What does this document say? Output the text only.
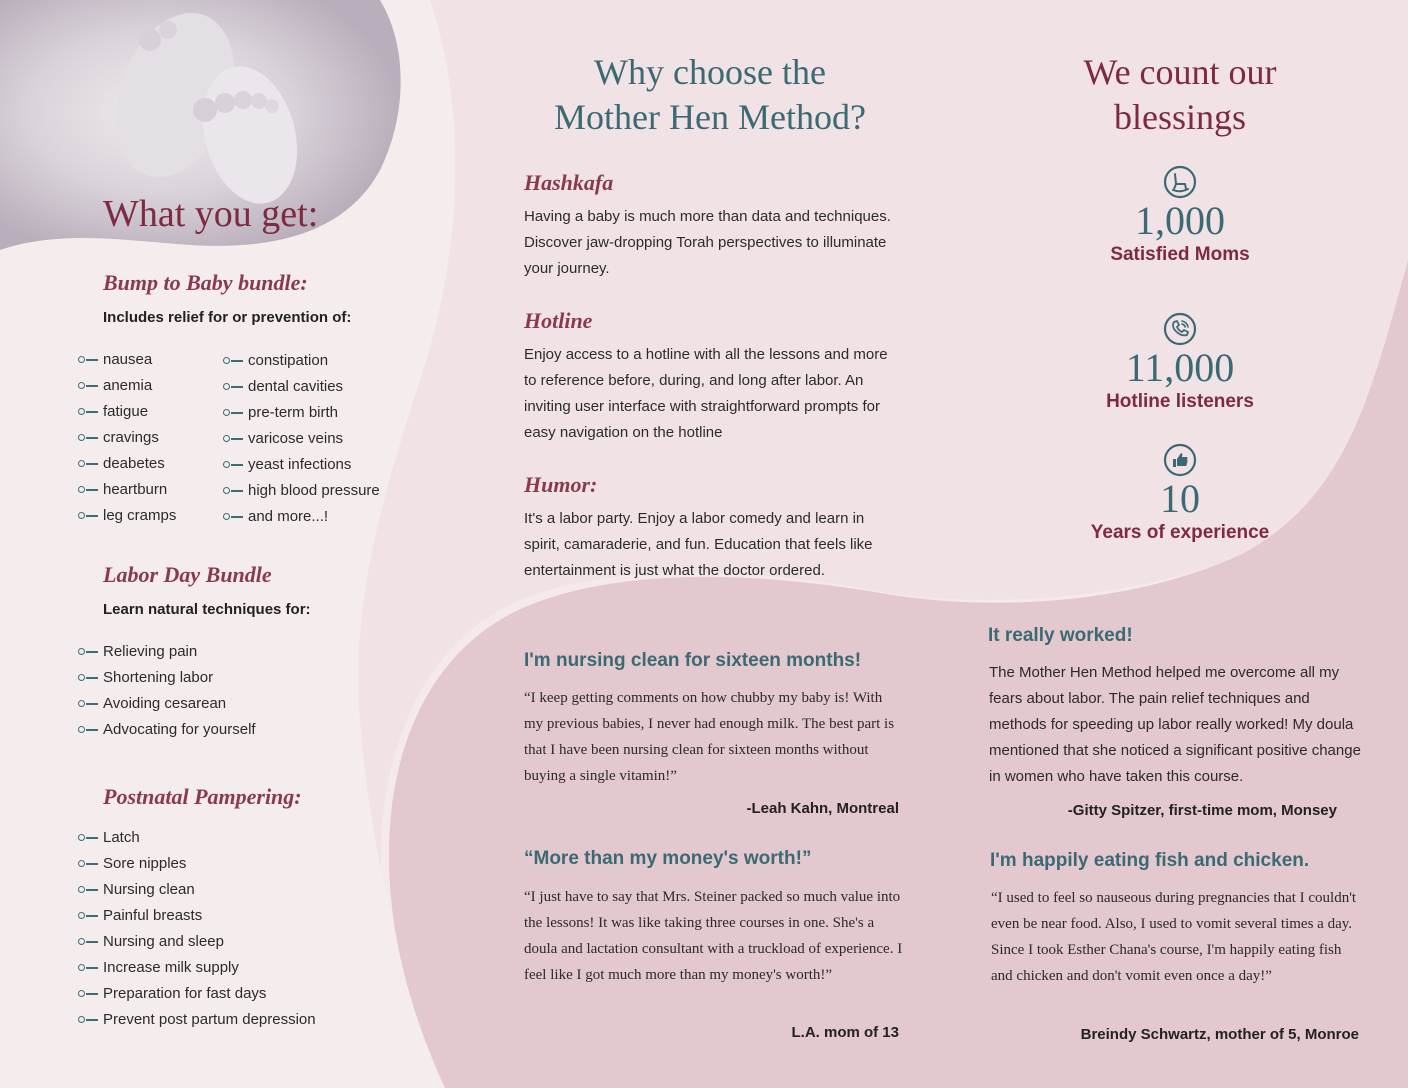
What you get:
Bump to Baby bundle:

Includes relief for or prevention of:

nausea
anemia
fatigue
cravings
deabetes
heartburn
leg cramps
constipation
dental cavities
pre-term birth
varicose veins
yeast infections
high blood pressure
and more...!
Labor Day Bundle

Learn natural techniques for:

Relieving pain
Shortening labor
Avoiding cesarean
Advocating for yourself
Postnatal Pampering:
Latch
Sore nipples
Nursing clean
Painful breasts
Nursing and sleep
Increase milk supply
Preparation for fast days
Prevent post partum depression
Why choose the
Mother Hen Method?
Hashkafa

Having a baby is much more than data and techniques. Discover jaw-dropping Torah perspectives to illuminate your journey.

Hotline

Enjoy access to a hotline with all the lessons and more to reference before, during, and long after labor. An inviting user interface with straightforward prompts for easy navigation on the hotline

Humor:

It's a labor party. Enjoy a labor comedy and learn in spirit, camaraderie, and fun. Education that feels like entertainment is just what the doctor ordered.

We count our
blessings
1,000
Satisfied Moms
11,000
Hotline listeners
10
Years of experience
I'm nursing clean for sixteen months!

“I keep getting comments on how chubby my baby is! With my previous babies, I never had enough milk. The best part is that I have been nursing clean for sixteen months without buying a single vitamin!”

-Leah Kahn, Montreal

“More than my money's worth!”

“I just have to say that Mrs. Steiner packed so much value into the lessons! It was like taking three courses in one. She's a doula and lactation consultant with a truckload of experience. I feel like I got much more than my money's worth!”

L.A. mom of 13

It really worked!

The Mother Hen Method helped me overcome all my fears about labor. The pain relief techniques and methods for speeding up labor really worked! My doula mentioned that she noticed a significant positive change in women who have taken this course.

-Gitty Spitzer, first-time mom, Monsey

I'm happily eating fish and chicken.

“I used to feel so nauseous during pregnancies that I couldn't even be near food. Also, I used to vomit several times a day. Since I took Esther Chana's course, I'm happily eating fish and chicken and don't vomit even once a day!”

Breindy Schwartz, mother of 5, Monroe
